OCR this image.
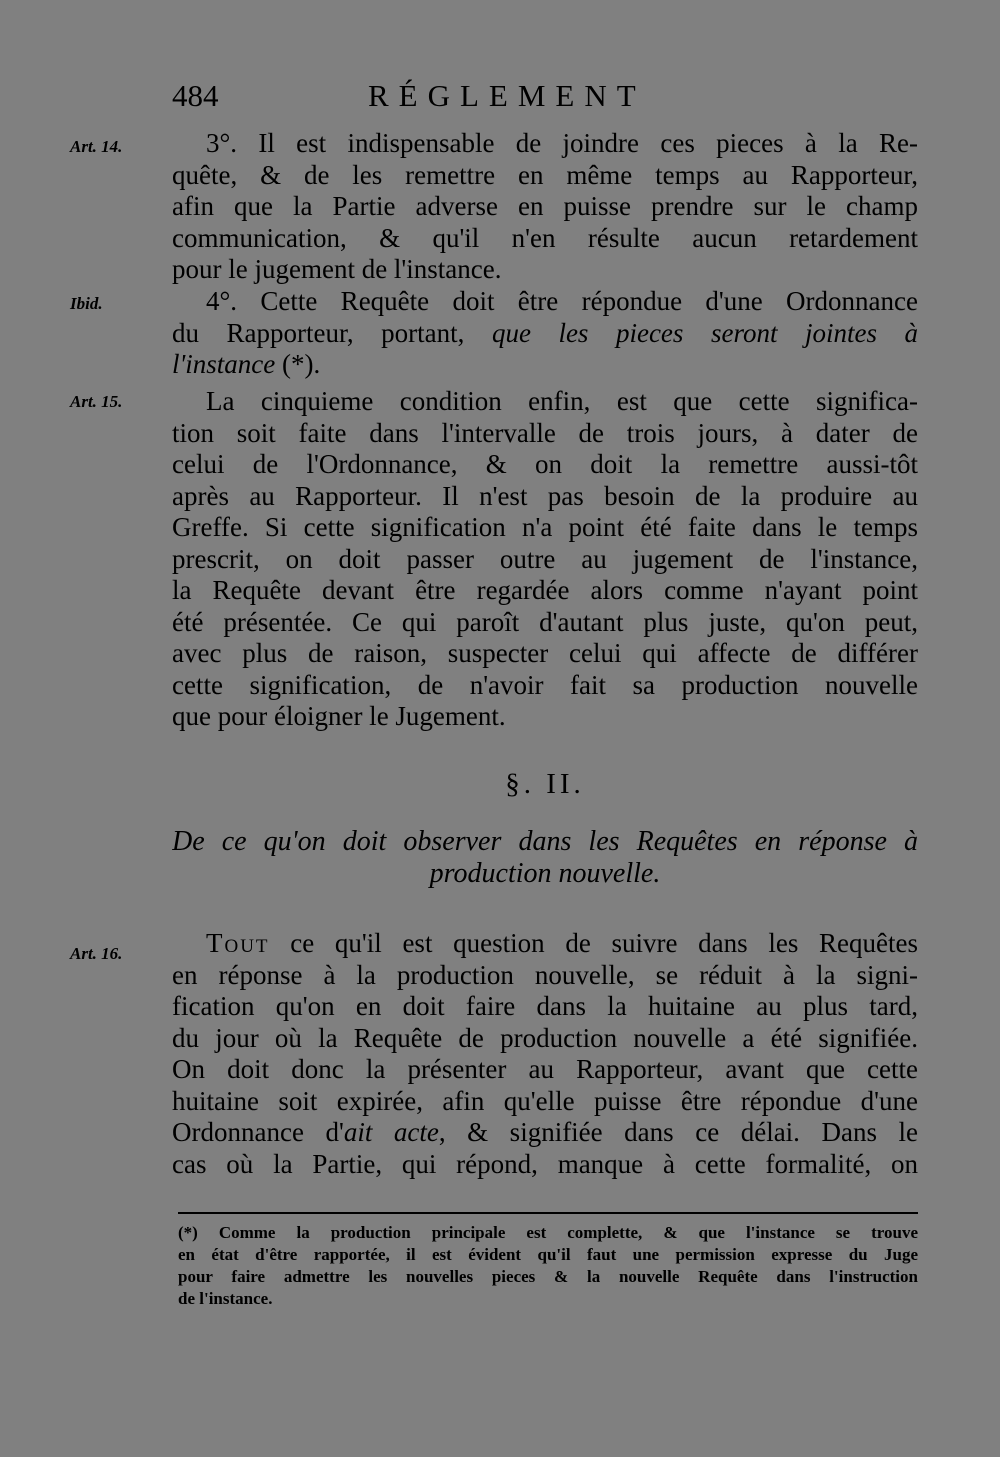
484	RÉGLEMENT
Art. 14.
Ibid.
Art. 15.
Art. 16.
3°. Il est indispensable de joindre ces pieces à la Re-
quête, & de les remettre en même temps au Rapporteur,
afin que la Partie adverse en puisse prendre sur le champ
communication, & qu'il n'en résulte aucun retardement
pour le jugement de l'instance.
4°. Cette Requête doit être répondue d'une Ordonnance
du Rapporteur, portant, que les pieces seront jointes à
l'instance (*).
La cinquieme condition enfin, est que cette significa-
tion soit faite dans l'intervalle de trois jours, à dater de
celui de l'Ordonnance, & on doit la remettre aussi-tôt
après au Rapporteur. Il n'est pas besoin de la produire au
Greffe. Si cette signification n'a point été faite dans le temps
prescrit, on doit passer outre au jugement de l'instance,
la Requête devant être regardée alors comme n'ayant point
été présentée. Ce qui paroît d'autant plus juste, qu'on peut,
avec plus de raison, suspecter celui qui affecte de différer
cette signification, de n'avoir fait sa production nouvelle
que pour éloigner le Jugement.
§. II.
De ce qu'on doit observer dans les Requêtes en réponse à
production nouvelle.
Tout ce qu'il est question de suivre dans les Requêtes
en réponse à la production nouvelle, se réduit à la signi-
fication qu'on en doit faire dans la huitaine au plus tard,
du jour où la Requête de production nouvelle a été signifiée.
On doit donc la présenter au Rapporteur, avant que cette
huitaine soit expirée, afin qu'elle puisse être répondue d'une
Ordonnance d'ait acte, & signifiée dans ce délai. Dans le
cas où la Partie, qui répond, manque à cette formalité, on
(*) Comme la production principale est complette, & que l'instance se trouve
en état d'être rapportée, il est évident qu'il faut une permission expresse du Juge
pour faire admettre les nouvelles pieces & la nouvelle Requête dans l'instruction
de l'instance.
